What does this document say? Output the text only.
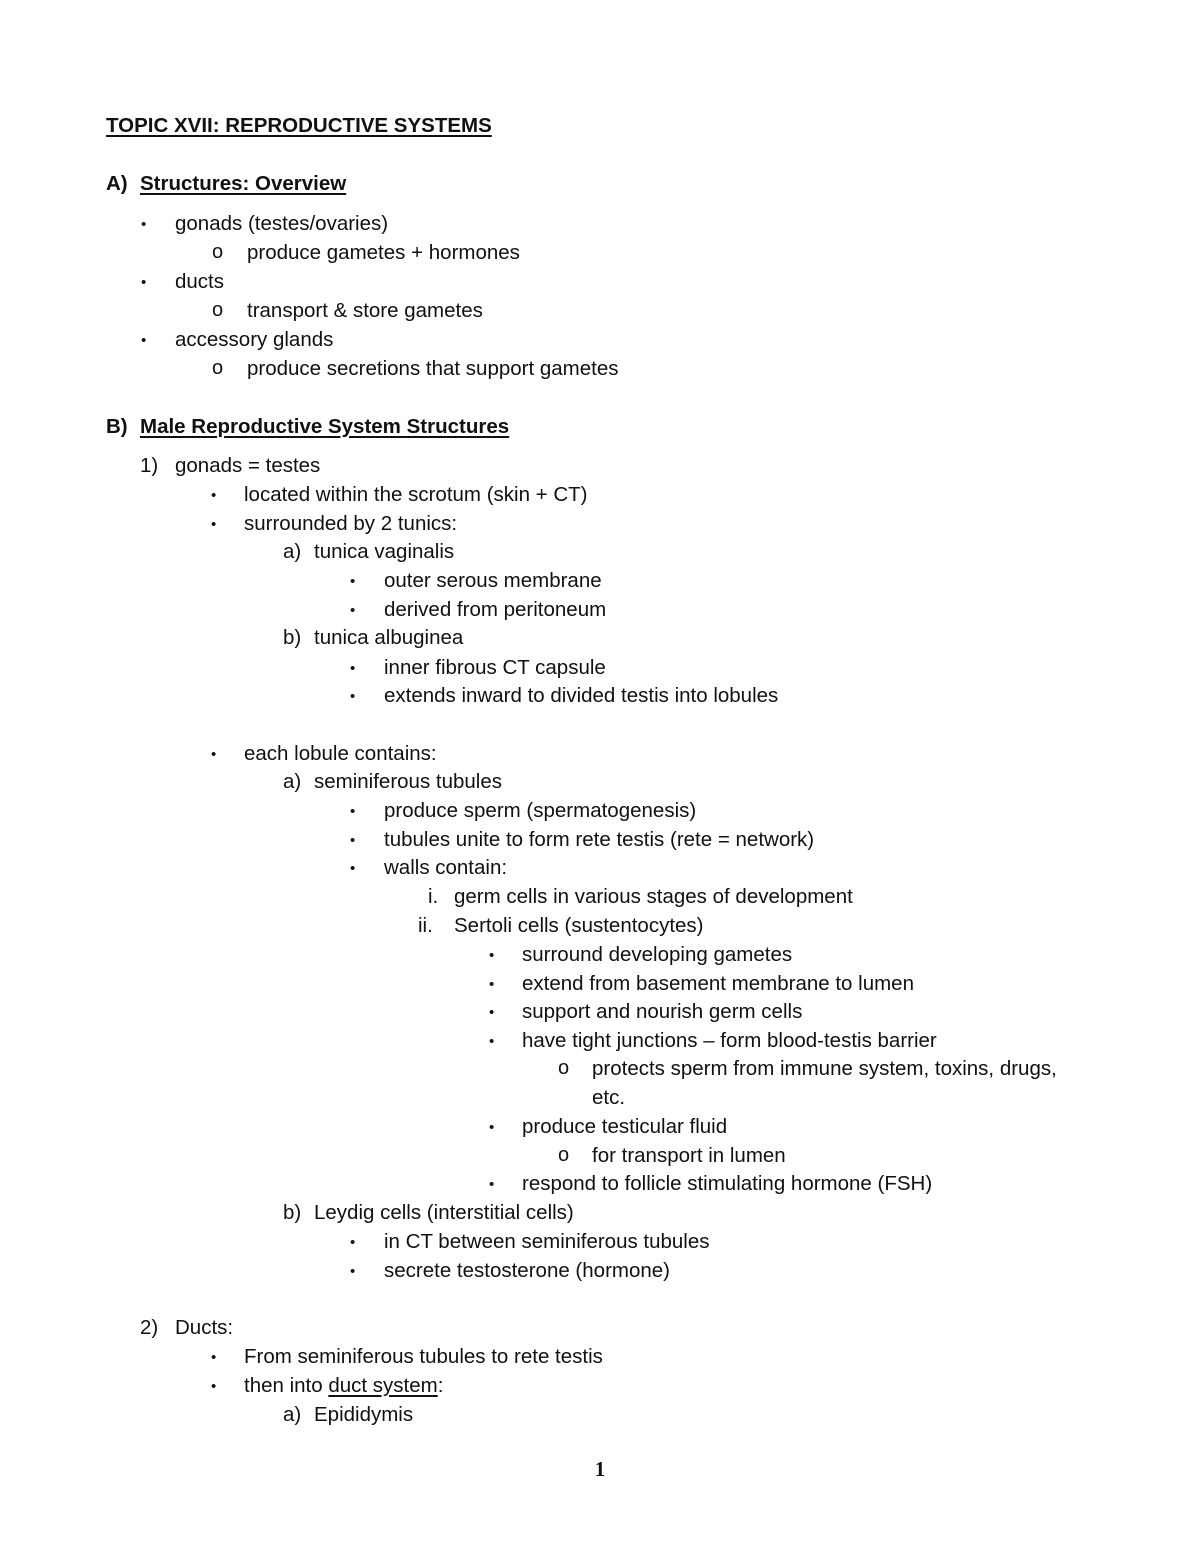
TOPIC XVII: REPRODUCTIVE SYSTEMS
A) Structures: Overview
• gonads (testes/ovaries)
o produce gametes + hormones
• ducts
o transport & store gametes
• accessory glands
o produce secretions that support gametes
B) Male Reproductive System Structures
1) gonads = testes
• located within the scrotum (skin + CT)
• surrounded by 2 tunics:
a) tunica vaginalis
• outer serous membrane
• derived from peritoneum
b) tunica albuginea
• inner fibrous CT capsule
• extends inward to divided testis into lobules
• each lobule contains:
a) seminiferous tubules
• produce sperm (spermatogenesis)
• tubules unite to form rete testis (rete = network)
• walls contain:
i. germ cells in various stages of development
ii. Sertoli cells (sustentocytes)
• surround developing gametes
• extend from basement membrane to lumen
• support and nourish germ cells
• have tight junctions – form blood-testis barrier
o protects sperm from immune system, toxins, drugs,
etc.
• produce testicular fluid
o for transport in lumen
• respond to follicle stimulating hormone (FSH)
b) Leydig cells (interstitial cells)
• in CT between seminiferous tubules
• secrete testosterone (hormone)
2) Ducts:
• From seminiferous tubules to rete testis
• then into duct system:
a) Epididymis
1
